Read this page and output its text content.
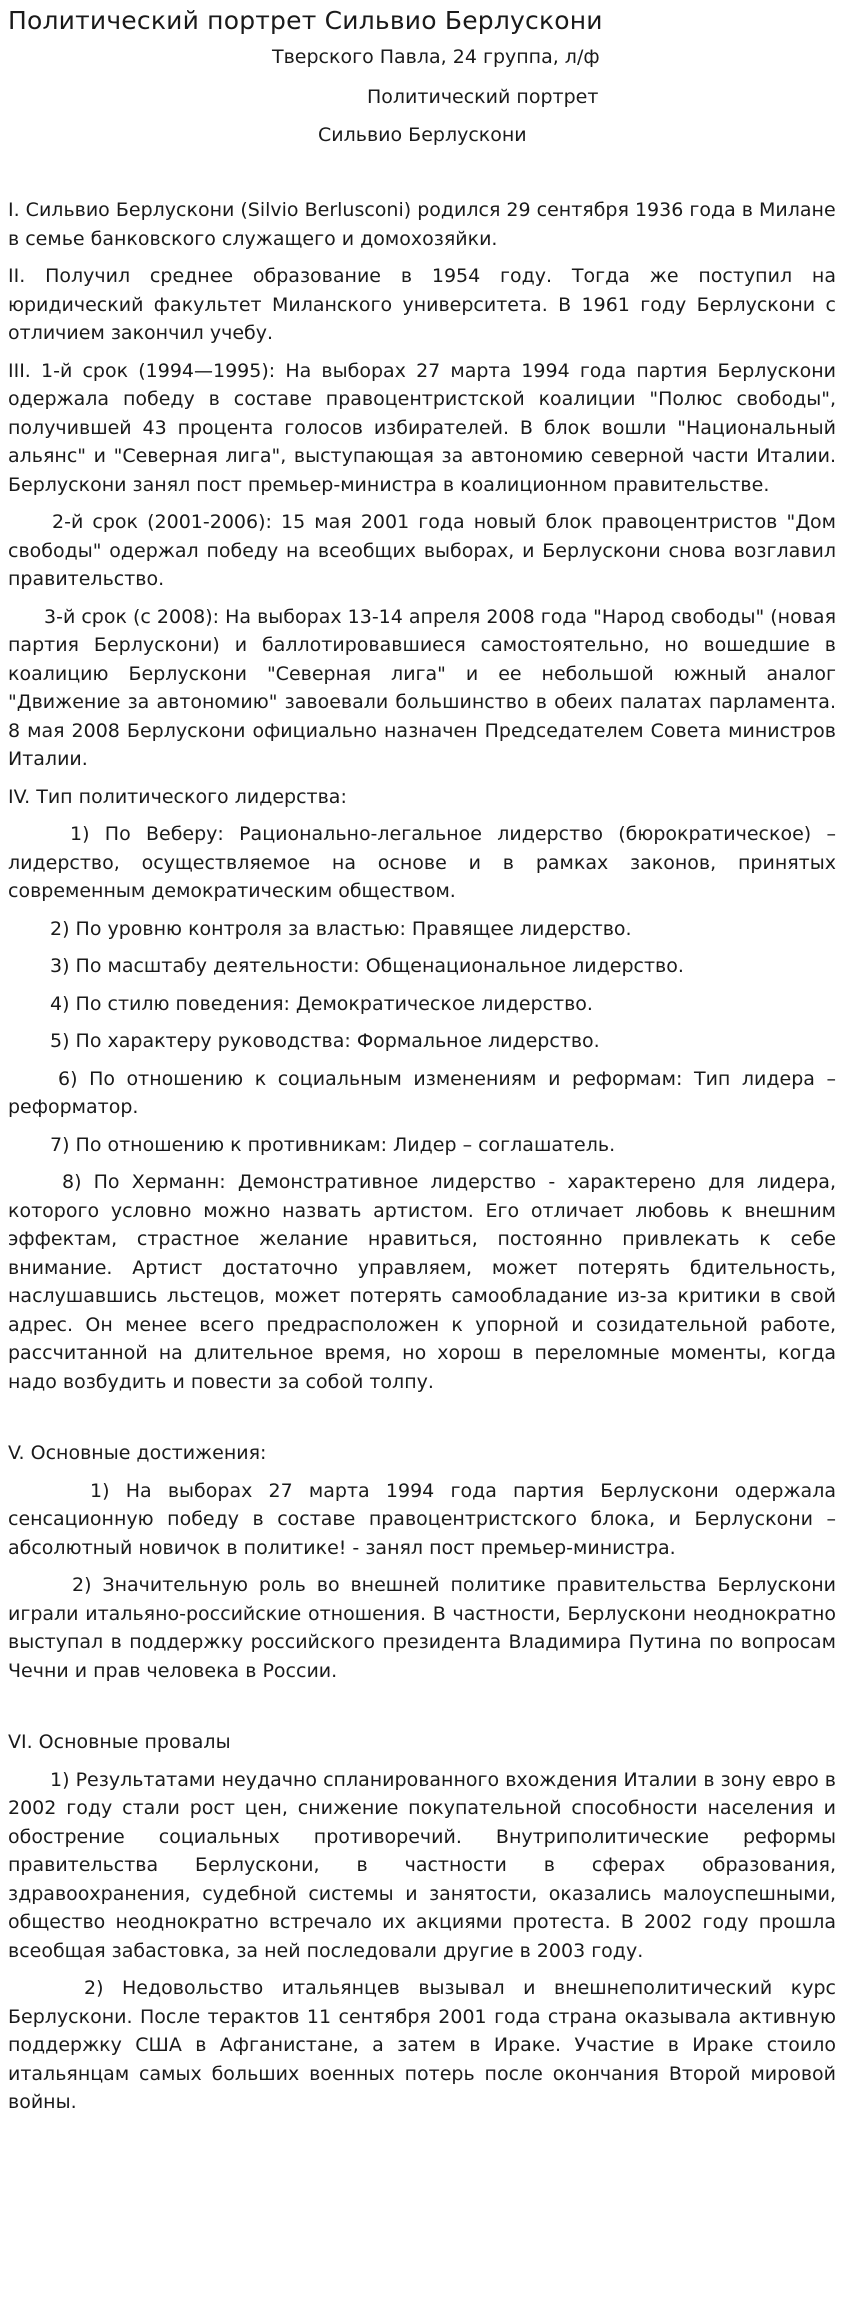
Политический портрет Сильвио Берлускони
Тверского Павла, 24 группа, л/ф
Политический портрет
Сильвио Берлускони

I. Сильвио Берлускони (Silvio Berlusconi) родился 29 сентября 1936 года в Милане в семье банковского служащего и домохозяйки.

II. Получил среднее образование в 1954 году. Тогда же поступил на юридический факультет Миланского университета. В 1961 году Берлускони с отличием закончил учебу.

III. 1-й срок (1994—1995): На выборах 27 марта 1994 года партия Берлускони одержала победу в составе правоцентристской коалиции "Полюс свободы", получившей 43 процента голосов избирателей. В блок вошли "Национальный альянс" и "Северная лига", выступающая за автономию северной части Италии. Берлускони занял пост премьер-министра в коалиционном правительстве.

2-й срок (2001-2006): 15 мая 2001 года новый блок правоцентристов "Дом свободы" одержал победу на всеобщих выборах, и Берлускони снова возглавил правительство.

3-й срок (с 2008): На выборах 13-14 апреля 2008 года "Народ свободы" (новая партия Берлускони) и баллотировавшиеся самостоятельно, но вошедшие в коалицию Берлускони "Северная лига" и ее небольшой южный аналог "Движение за автономию" завоевали большинство в обеих палатах парламента. 8 мая 2008 Берлускони официально назначен Председателем Совета министров Италии.

IV. Тип политического лидерства:

1) По Веберу: Рационально-легальное лидерство (бюрократическое) – лидерство, осуществляемое на основе и в рамках законов, принятых современным демократическим обществом.

2) По уровню контроля за властью: Правящее лидерство.

3) По масштабу деятельности: Общенациональное лидерство.

4) По стилю поведения: Демократическое лидерство.

5) По характеру руководства: Формальное лидерство.

6) По отношению к социальным изменениям и реформам: Тип лидера – реформатор.

7) По отношению к противникам: Лидер – соглашатель.

8) По Херманн: Демонстративное лидерство - характерено для лидера, которого условно можно назвать артистом. Его отличает любовь к внешним эффектам, страстное желание нравиться, постоянно привлекать к себе внимание. Артист достаточно управляем, может потерять бдительность, наслушавшись льстецов, может потерять самообладание из-за критики в свой адрес. Он менее всего предрасположен к упорной и созидательной работе, рассчитанной на длительное время, но хорош в переломные моменты, когда надо возбудить и повести за собой толпу.

V. Основные достижения:

1) На выборах 27 марта 1994 года партия Берлускони одержала сенсационную победу в составе правоцентристского блока, и Берлускони – абсолютный новичок в политике! - занял пост премьер-министра.

2) Значительную роль во внешней политике правительства Берлускони играли итальяно-российские отношения. В частности, Берлускони неоднократно выступал в поддержку российского президента Владимира Путина по вопросам Чечни и прав человека в России.

VI. Основные провалы

1) Результатами неудачно спланированного вхождения Италии в зону евро в 2002 году стали рост цен, снижение покупательной способности населения и обострение социальных противоречий. Внутриполитические реформы правительства Берлускони, в частности в сферах образования, здравоохранения, судебной системы и занятости, оказались малоуспешными, общество неоднократно встречало их акциями протеста. В 2002 году прошла всеобщая забастовка, за ней последовали другие в 2003 году.

2) Недовольство итальянцев вызывал и внешнеполитический курс Берлускони. После терактов 11 сентября 2001 года страна оказывала активную поддержку США в Афганистане, а затем в Ираке. Участие в Ираке стоило итальянцам самых больших военных потерь после окончания Второй мировой войны.
